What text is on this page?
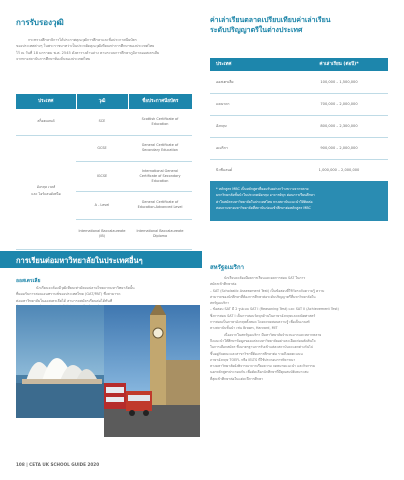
การรับรองวุฒิ
กระทรวงศึกษาธิการได้ประกาศคุณวุฒิการศึกษาและชื่อประกาศนียบัตร
ของประเทศต่างๆ ในพระราชบาทว่าเป็นประหยัดคุณวุฒิเทียบเท่าการศึกษาของประเทศไทย
ไว้ ณ วันที่ 18 มกราคม พ.ศ. 2545 ดังตารางด้านล่าง ตามระบบการศึกษาภูมิภาคออสเตรเลีย
จากทางสถาบันการศึกษาท้องถิ่นของประเทศไทย
ประเทศ	วุฒิ	ชื่อประกาศนียบัตร
สก็อตแลนด์	SCE	Scottish Certificate of
Education

	GCSE	General Certificate of
Secondary Education

อังกฤษ เวลส์	IGCSE	International General
Certificate of Secondary
Education

และ ไอร์แลนด์เหนือ	A - Level	General Certificate of
Education-Advanced Level

	International Baccalaureate (IB)	International Baccalaureate
Diploma
ค่าเล่าเรียนตลาดเปรียบเทียบค่าเล่าเรียน
ระดับปริญญาตรีในต่างประเทศ
ประเทศ	ค่าเล่าเรียน (ต่อปี)*
ออสเตรเลีย	100,000 – 1,500,000
แคนาดา	700,000 – 2,000,000
อังกฤษ	800,000 – 2,300,000
อเมริกา	900,000 – 2,000,000
นิวซีแลนด์	1,000,000 – 2,000,000
* หลักสูตร MBC เป็นหลักสูตรที่ยอมรับอย่างกว้างขวางจากหลาย
มหาวิทยาลัยชั้นนำในประเทศอังกฤษ อาจารย์ทุก ค่อนการเรียนศึกษา
ค่าใบสมัครมหาวิทยาลัยในประเทศไทย ทางสถาบันแนะนำให้ติดต่อ
สอบถามทางมหาวิทยาลัยที่สถาบันก่อนเข้าศึกษาต่อหลักสูตร MBC
การเรียนต่อมหาวิทยาลัยในประเทศอื่นๆ
ออสเตรเลีย
นักเรียนจะต้องมีวุฒิเทียบเท่ามัธยมปลายไทยจากมหาวิทยาลัยนั้น
ที่ยอมรับการสอบเอนทรานซ์ของประเทศไทย (GAT/PAT) ซึ่งสามารถ
ต่อมหาวิทยาลัยในออสเตรเลียได้ สามารถสมัครเรียนต่อได้ทันที
สหรัฐอเมริกา
นักเรียนจะต้องมีผลการเรียนและผลการสอบ SAT ในการ
สมัครเข้าศึกษาต่อ
– SAT (Scholastic Assessment Test) เป็นข้อสอบที่ใช้วัดระดับความรู้ ความ
สามารถของนักศึกษาที่ต้องการศึกษาต่อระดับปริญญาตรีที่มหาวิทยาลัยใน
สหรัฐอเมริกา
– ข้อสอบ SAT มี 2 รูปแบบ SAT I (Reasoning Test) และ SAT II (Achievement Test)
ซึ่งการสอบ SAT I เป็นการสอบวัดทุกด้านในภาษาอังกฤษและคณิตศาสตร์
การสอบเป็นภาษาอังกฤษทั้งหมด โดยจะทดสอบความรู้ เพื่อเป็นเกณฑ์
ทางสถาบันชั้นนำ เช่น Brown, Harvard, MIT
เนื่องจากในสหรัฐอเมริกา มีมหาวิทยาลัยจำนวนมากและหลากหลาย
จึงแนะนำให้ศึกษาข้อมูลของแต่ละมหาวิทยาลัยอย่างละเอียดก่อนตัดสินใจ
ในการเลือกสมัคร ซึ่งมาตรฐานการรับเข้าแต่ละสถาบันจะแตกต่างกันไป
ขึ้นอยู่กับคณะและสาขาวิชาที่ต้องการศึกษาต่อ รวมถึงผลคะแนน
ภาษาอังกฤษ TOEFL หรือ IELTS ที่ใช้ประกอบการพิจารณา
ทางมหาวิทยาลัยยังพิจารณาจากเรียงความ จดหมายแนะนำ และกิจกรรม
นอกหลักสูตรประกอบกัน เพื่อคัดเลือกนักศึกษาที่มีคุณสมบัติเหมาะสม
ที่สุดเข้าศึกษาต่อในแต่ละปีการศึกษา
108 | CETA UK SCHOOL GUIDE 2020
